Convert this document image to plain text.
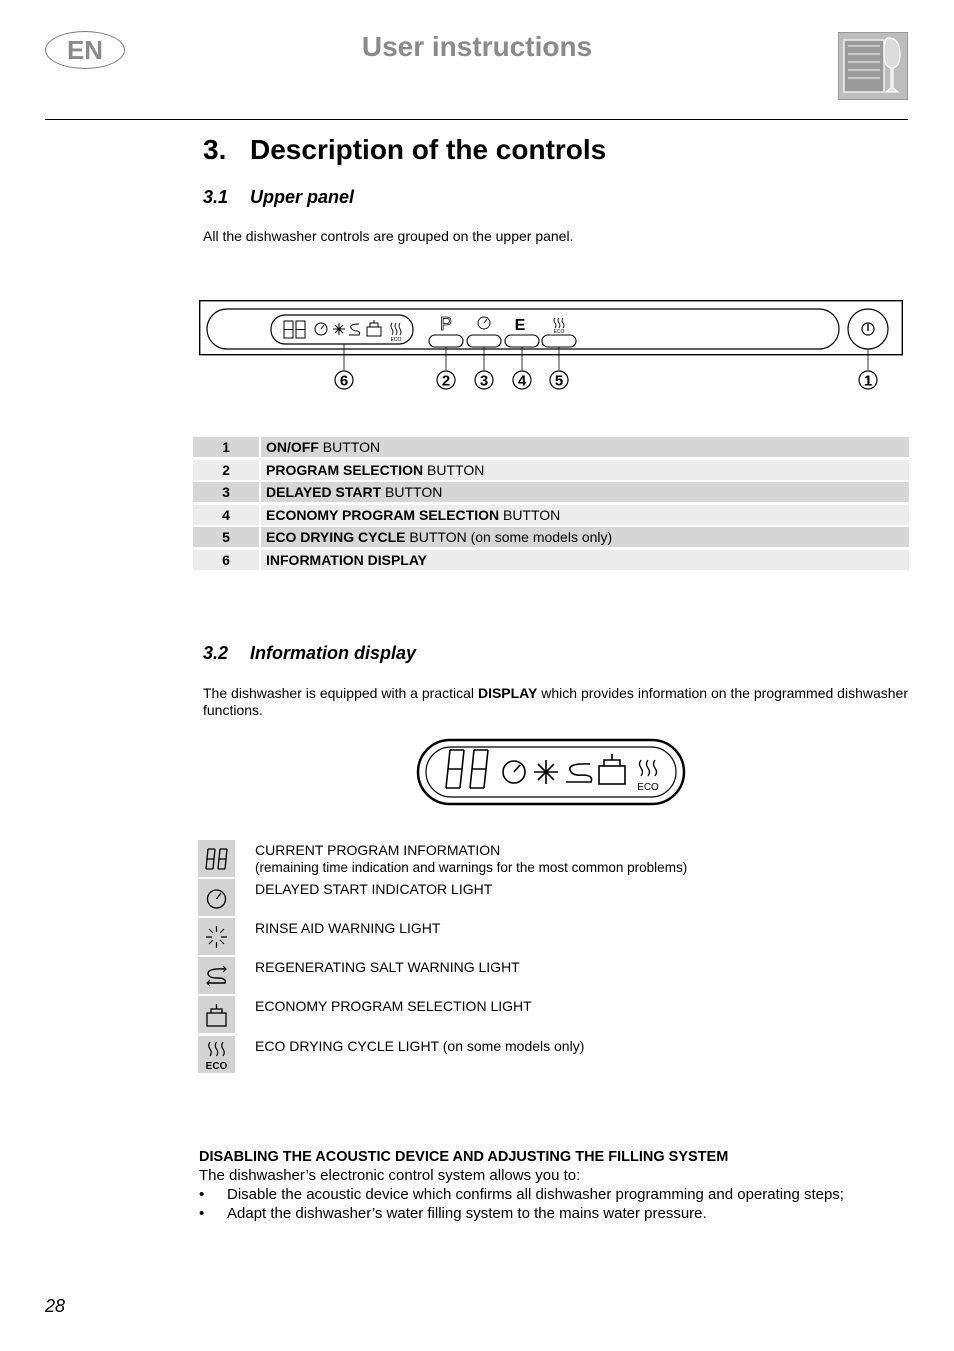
EN	User instructions
3. Description of the controls
3.1 Upper panel
All the dishwasher controls are grouped on the upper panel.
ECO
P	E	ECO
6	2 3 4 5	1
1	ON/OFF BUTTON
2	PROGRAM SELECTION BUTTON
3	DELAYED START BUTTON
4	ECONOMY PROGRAM SELECTION BUTTON
5	ECO DRYING CYCLE BUTTON (on some models only)
6	INFORMATION DISPLAY
3.2 Information display
The dishwasher is equipped with a practical DISPLAY which provides information on the programmed dishwasher functions.
ECO
CURRENT PROGRAM INFORMATION
(remaining time indication and warnings for the most common problems)
DELAYED START INDICATOR LIGHT
RINSE AID WARNING LIGHT
REGENERATING SALT WARNING LIGHT
ECONOMY PROGRAM SELECTION LIGHT
ECO
ECO DRYING CYCLE LIGHT (on some models only)
DISABLING THE ACOUSTIC DEVICE AND ADJUSTING THE FILLING SYSTEM
The dishwasher’s electronic control system allows you to:
• Disable the acoustic device which confirms all dishwasher programming and operating steps;
• Adapt the dishwasher’s water filling system to the mains water pressure.
28
